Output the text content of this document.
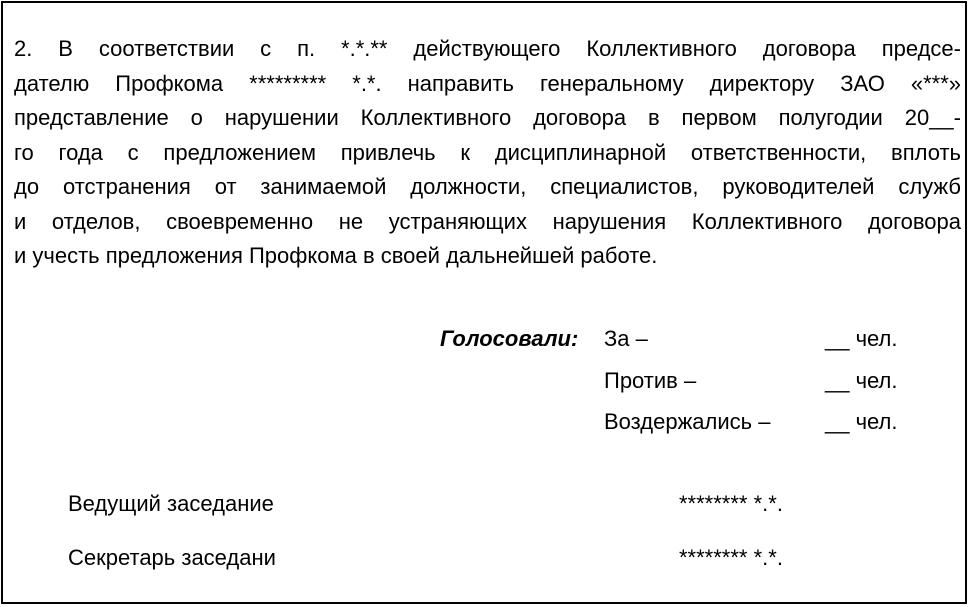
2. В соответствии с п. *.*.** действующего Коллективного договора предсе-
дателю Профкома ********* *.*. направить генеральному директору ЗАО «***»
представление о нарушении Коллективного договора в первом полугодии 20__-
го года с предложением привлечь к дисциплинарной ответственности, вплоть
до отстранения от занимаемой должности, специалистов, руководителей служб
и отделов, своевременно не устраняющих нарушения Коллективного договора
и учесть предложения Профкома в своей дальнейшей работе.
Голосовали: За –	__ чел.
Против –	__ чел.
Воздержались – __ чел.
Ведущий заседание	******** *.*.
Секретарь заседани	******** *.*.
